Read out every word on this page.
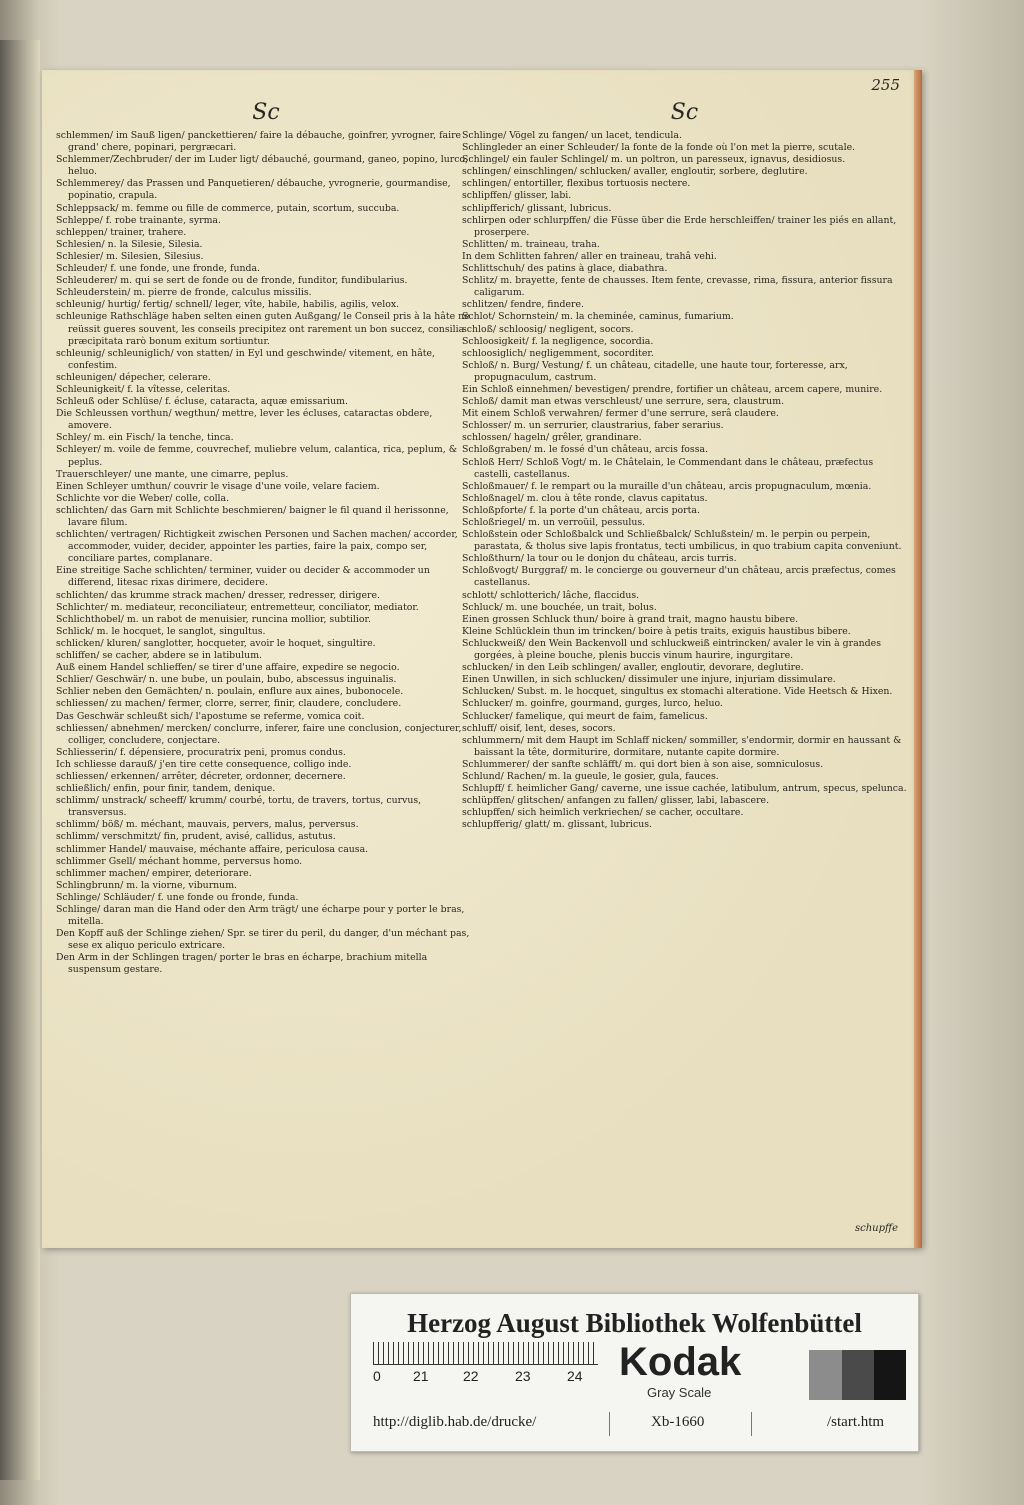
255
Sc
schlemmen/ im Sauß ligen/ panckettieren/ faire la débauche, goinfrer, yvrogner, faire grand' chere, popinari, pergræcari.
Schlemmer/Zechbruder/ der im Luder ligt/ débauché, gourmand, ganeo, popino, lurco, heluo.
Schlemmerey/ das Prassen und Panquetieren/ débauche, yvrognerie, gourmandise, popinatio, crapula.
Schleppsack/ m. femme ou fille de commerce, putain, scortum, succuba.
Schleppe/ f. robe trainante, syrma.
schleppen/ trainer, trahere.
Schlesien/ n. la Silesie, Silesia.
Schlesier/ m. Silesien, Silesius.
Schleuder/ f. une fonde, une fronde, funda.
Schleuderer/ m. qui se sert de fonde ou de fronde, funditor, fundibularius.
Schleuderstein/ m. pierre de fronde, calculus missilis.
schleunig/ hurtig/ fertig/ schnell/ leger, vîte, habile, habilis, agilis, velox.
schleunige Rathschläge haben selten einen guten Außgang/ le Conseil pris à la hâte ne reüssit gueres souvent, les conseils precipitez ont rarement un bon succez, consilia præcipitata rarò bonum exitum sortiuntur.
schleunig/ schleuniglich/ von statten/ in Eyl und geschwinde/ vitement, en hâte, confestim.
schleunigen/ dépecher, celerare.
Schleunigkeit/ f. la vîtesse, celeritas.
Schleuß oder Schlüse/ f. écluse, cataracta, aquæ emissarium.
Die Schleussen vorthun/ wegthun/ mettre, lever les écluses, cataractas obdere, amovere.
Schley/ m. ein Fisch/ la tenche, tinca.
Schleyer/ m. voile de femme, couvrechef, muliebre velum, calantica, rica, peplum, & peplus.
Trauerschleyer/ une mante, une cimarre, peplus.
Einen Schleyer umthun/ couvrir le visage d'une voile, velare faciem.
Schlichte vor die Weber/ colle, colla.
schlichten/ das Garn mit Schlichte beschmieren/ baigner le fil quand il herissonne, lavare filum.
schlichten/ vertragen/ Richtigkeit zwischen Personen und Sachen machen/ accorder, accommoder, vuider, decider, appointer les parties, faire la paix, compo ser, conciliare partes, complanare.
Eine streitige Sache schlichten/ terminer, vuider ou decider & accommoder un differend, litesac rixas dirimere, decidere.
schlichten/ das krumme strack machen/ dresser, redresser, dirigere.
Schlichter/ m. mediateur, reconciliateur, entremetteur, conciliator, mediator.
Schlichthobel/ m. un rabot de menuisier, runcina mollior, subtilior.
Schlick/ m. le hocquet, le sanglot, singultus.
schlicken/ kluren/ sanglotter, hocqueter, avoir le hoquet, singultire.
schliffen/ se cacher, abdere se in latibulum.
Auß einem Handel schlieffen/ se tirer d'une affaire, expedire se negocio.
Schlier/ Geschwär/ n. une bube, un poulain, bubo, abscessus inguinalis.
Schlier neben den Gemächten/ n. poulain, enflure aux aines, bubonocele.
schliessen/ zu machen/ fermer, clorre, serrer, finir, claudere, concludere.
Das Geschwär schleußt sich/ l'apostume se referme, vomica coit.
schliessen/ abnehmen/ mercken/ conclurre, inferer, faire une conclusion, conjecturer, colliger, concludere, conjectare.
Schliesserin/ f. dépensiere, procuratrix peni, promus condus.
Ich schliesse darauß/ j'en tire cette consequence, colligo inde.
schliessen/ erkennen/ arrêter, décreter, ordonner, decernere.
schließlich/ enfin, pour finir, tandem, denique.
schlimm/ unstrack/ scheeff/ krumm/ courbé, tortu, de travers, tortus, curvus, transversus.
schlimm/ böß/ m. méchant, mauvais, pervers, malus, perversus.
schlimm/ verschmitzt/ fin, prudent, avisé, callidus, astutus.
schlimmer Handel/ mauvaise, méchante affaire, periculosa causa.
schlimmer Gsell/ méchant homme, perversus homo.
schlimmer machen/ empirer, deteriorare.
Schlingbrunn/ m. la viorne, viburnum.
Schlinge/ Schläuder/ f. une fonde ou fronde, funda.
Schlinge/ daran man die Hand oder den Arm trägt/ une écharpe pour y porter le bras, mitella.
Den Kopff auß der Schlinge ziehen/ Spr. se tirer du peril, du danger, d'un méchant pas, sese ex aliquo periculo extricare.
Den Arm in der Schlingen tragen/ porter le bras en écharpe, brachium mitella suspensum gestare.
Sc
Schlinge/ Vögel zu fangen/ un lacet, tendicula.
Schlingleder an einer Schleuder/ la fonte de la fonde où l'on met la pierre, scutale.
Schlingel/ ein fauler Schlingel/ m. un poltron, un paresseux, ignavus, desidiosus.
schlingen/ einschlingen/ schlucken/ avaller, engloutir, sorbere, deglutire.
schlingen/ entortiller, flexibus tortuosis nectere.
schlipffen/ glisser, labi.
schlipfferich/ glissant, lubricus.
schlirpen oder schlurpffen/ die Füsse über die Erde herschleiffen/ trainer les piés en allant, proserpere.
Schlitten/ m. traineau, traha.
In dem Schlitten fahren/ aller en traineau, trahâ vehi.
Schlittschuh/ des patins à glace, diabathra.
Schlitz/ m. brayette, fente de chausses. Item fente, crevasse, rima, fissura, anterior fissura caligarum.
schlitzen/ fendre, findere.
Schlot/ Schornstein/ m. la cheminée, caminus, fumarium.
schloß/ schloosig/ negligent, socors.
Schloosigkeit/ f. la negligence, socordia.
schloosiglich/ negligemment, socorditer.
Schloß/ n. Burg/ Vestung/ f. un château, citadelle, une haute tour, forteresse, arx, propugnaculum, castrum.
Ein Schloß einnehmen/ bevestigen/ prendre, fortifier un château, arcem capere, munire.
Schloß/ damit man etwas verschleust/ une serrure, sera, claustrum.
Mit einem Schloß verwahren/ fermer d'une serrure, serâ claudere.
Schlosser/ m. un serrurier, claustrarius, faber serarius.
schlossen/ hageln/ grêler, grandinare.
Schloßgraben/ m. le fossé d'un château, arcis fossa.
Schloß Herr/ Schloß Vogt/ m. le Châtelain, le Commendant dans le château, præfectus castelli, castellanus.
Schloßmauer/ f. le rempart ou la muraille d'un château, arcis propugnaculum, mœnia.
Schloßnagel/ m. clou à tête ronde, clavus capitatus.
Schloßpforte/ f. la porte d'un château, arcis porta.
Schloßriegel/ m. un verroüil, pessulus.
Schloßstein oder Schloßbalck und Schließbalck/ Schlußstein/ m. le perpin ou perpein, parastata, & tholus sive lapis frontatus, tecti umbilicus, in quo trabium capita conveniunt.
Schloßthurn/ la tour ou le donjon du château, arcis turris.
Schloßvogt/ Burggraf/ m. le concierge ou gouverneur d'un château, arcis præfectus, comes castellanus.
schlott/ schlotterich/ lâche, flaccidus.
Schluck/ m. une bouchée, un trait, bolus.
Einen grossen Schluck thun/ boire à grand trait, magno haustu bibere.
Kleine Schlücklein thun im trincken/ boire à petis traits, exiguis haustibus bibere.
Schluckweiß/ den Wein Backenvoll und schluckweiß eintrincken/ avaler le vin à grandes gorgées, à pleine bouche, plenis buccis vinum haurire, ingurgitare.
schlucken/ in den Leib schlingen/ avaller, engloutir, devorare, deglutire.
Einen Unwillen, in sich schlucken/ dissimuler une injure, injuriam dissimulare.
Schlucken/ Subst. m. le hocquet, singultus ex stomachi alteratione. Vide Heetsch & Hixen.
Schlucker/ m. goinfre, gourmand, gurges, lurco, heluo.
Schlucker/ famelique, qui meurt de faim, famelicus.
schluff/ oisif, lent, deses, socors.
schlummern/ mit dem Haupt im Schlaff nicken/ sommiller, s'endormir, dormir en haussant & baissant la tête, dormiturire, dormitare, nutante capite dormire.
Schlummerer/ der sanfte schläfft/ m. qui dort bien à son aise, somniculosus.
Schlund/ Rachen/ m. la gueule, le gosier, gula, fauces.
Schlupff/ f. heimlicher Gang/ caverne, une issue cachée, latibulum, antrum, specus, spelunca.
schlüpffen/ glitschen/ anfangen zu fallen/ glisser, labi, labascere.
schlupffen/ sich heimlich verkriechen/ se cacher, occultare.
schlupfferig/ glatt/ m. glissant, lubricus.
schupffe
Herzog August Bibliothek Wolfenbüttel
0 21 22	23	24 Kodak
Gray Scale
http://diglib.hab.de/drucke/	Xb-1660	/start.htm
